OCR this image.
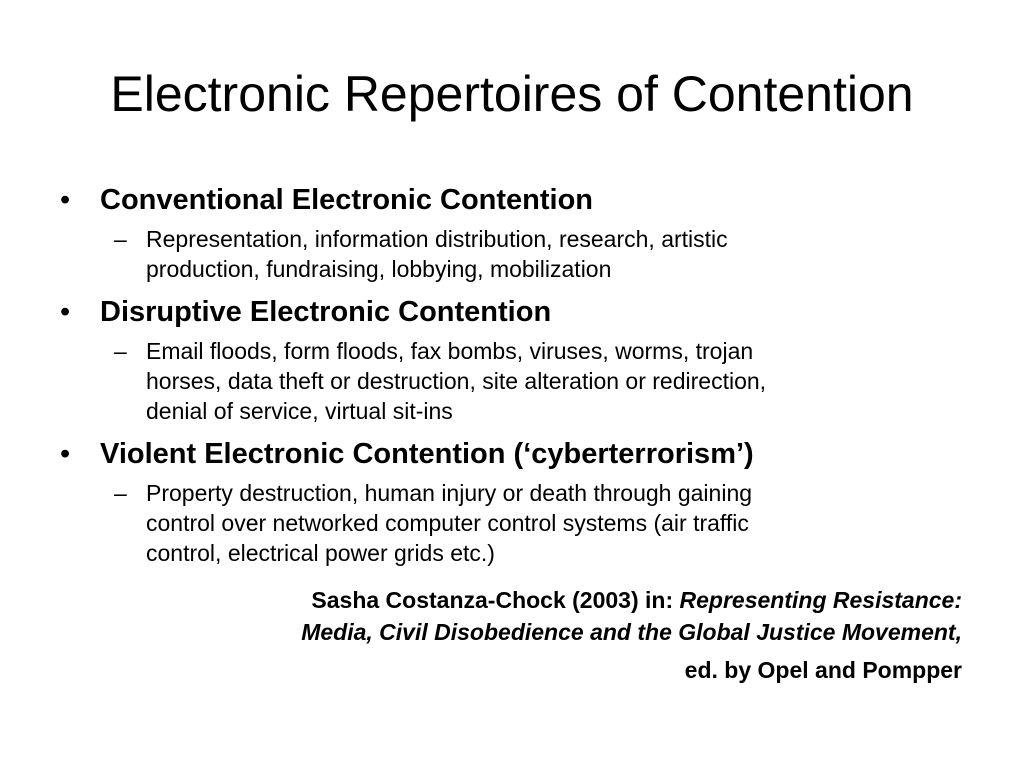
Electronic Repertoires of Contention
• Conventional Electronic Contention
– Representation, information distribution, research, artistic
production, fundraising, lobbying, mobilization
• Disruptive Electronic Contention
– Email floods, form floods, fax bombs, viruses, worms, trojan
horses, data theft or destruction, site alteration or redirection,
denial of service, virtual sit-ins
• Violent Electronic Contention (‘cyberterrorism’)
– Property destruction, human injury or death through gaining
control over networked computer control systems (air traffic
control, electrical power grids etc.)
Sasha Costanza-Chock (2003) in: Representing Resistance:
Media, Civil Disobedience and the Global Justice Movement,
ed. by Opel and Pompper
